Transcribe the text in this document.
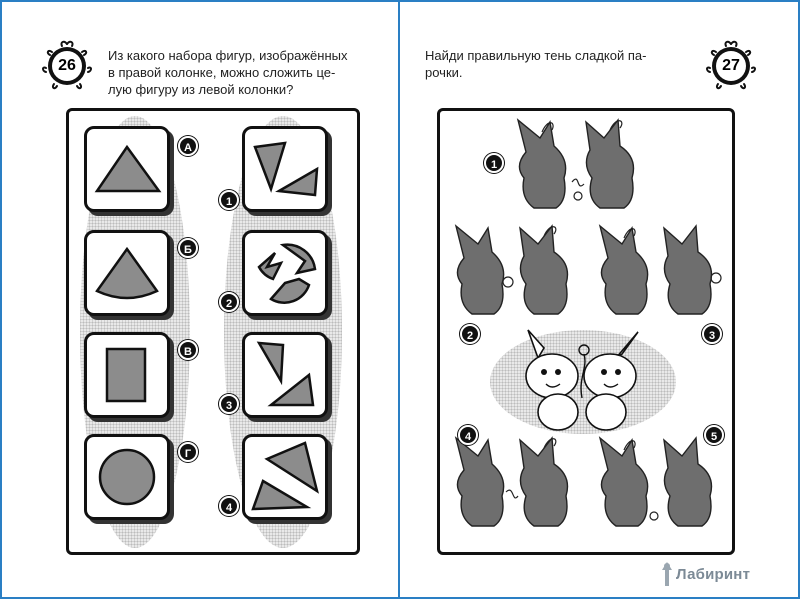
26
Из какого набора фигур, изображённых
в правой колонке, можно сложить це-
лую фигуру из левой колонки?
А
Б
В
Г
1
2
3
4
27
Найди правильную тень сладкой па-
рочки.
1
2	3
4	5
Лабиринт
